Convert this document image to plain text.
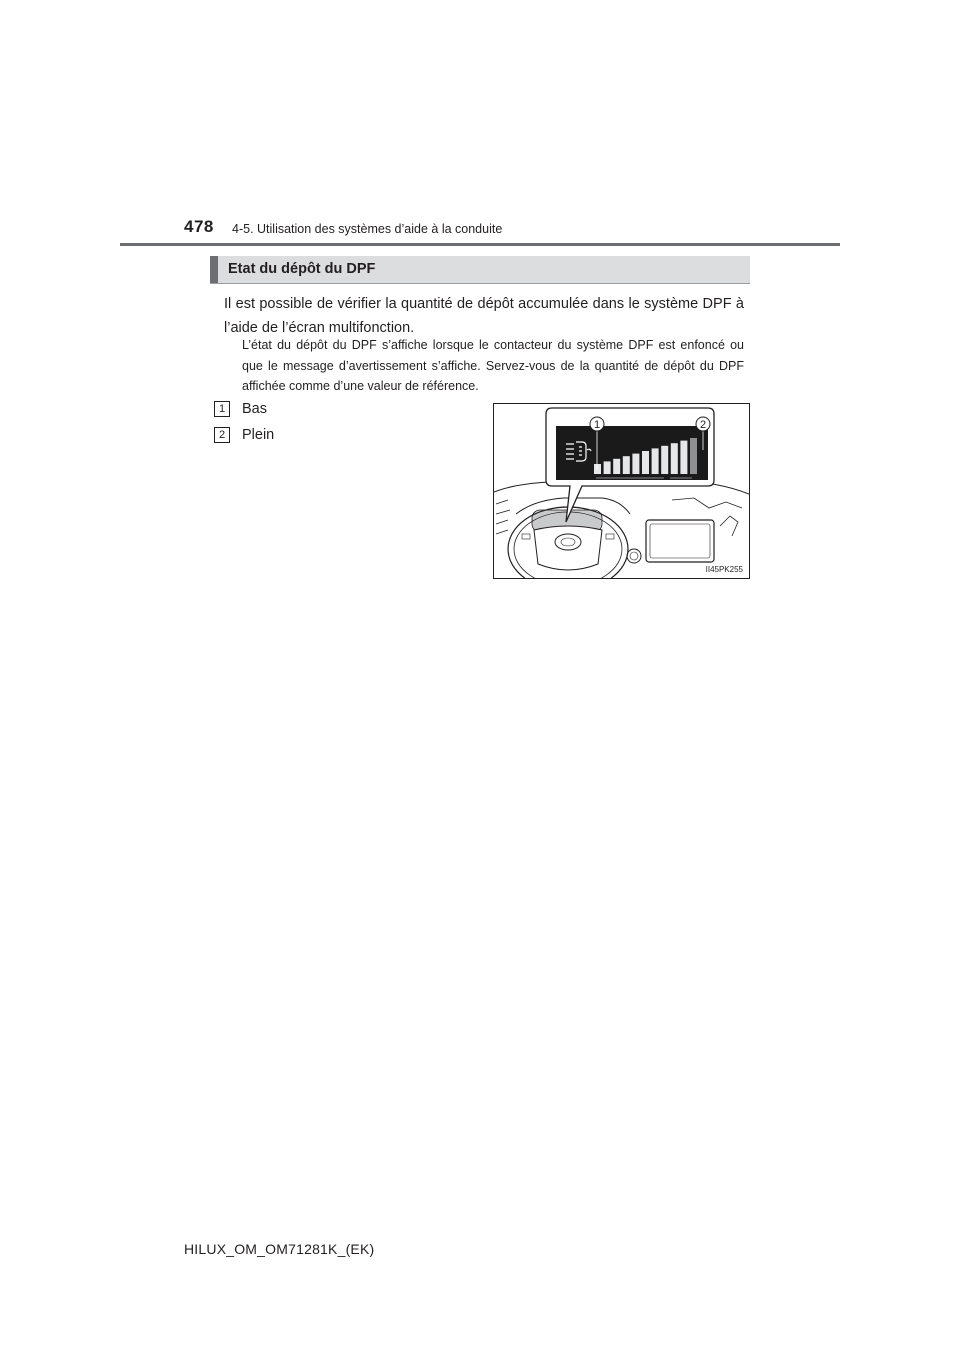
478 4-5. Utilisation des systèmes d’aide à la conduite
Etat du dépôt du DPF
Il est possible de vérifier la quantité de dépôt accumulée dans le système DPF à l’aide de l’écran multifonction.
L’état du dépôt du DPF s’affiche lorsque le contacteur du système DPF est enfoncé ou que le message d’avertissement s’affiche. Servez-vous de la quantité de dépôt du DPF affichée comme d’une valeur de référence.
1	Bas
2	Plein
1	2
II45PK255
HILUX_OM_OM71281K_(EK)
